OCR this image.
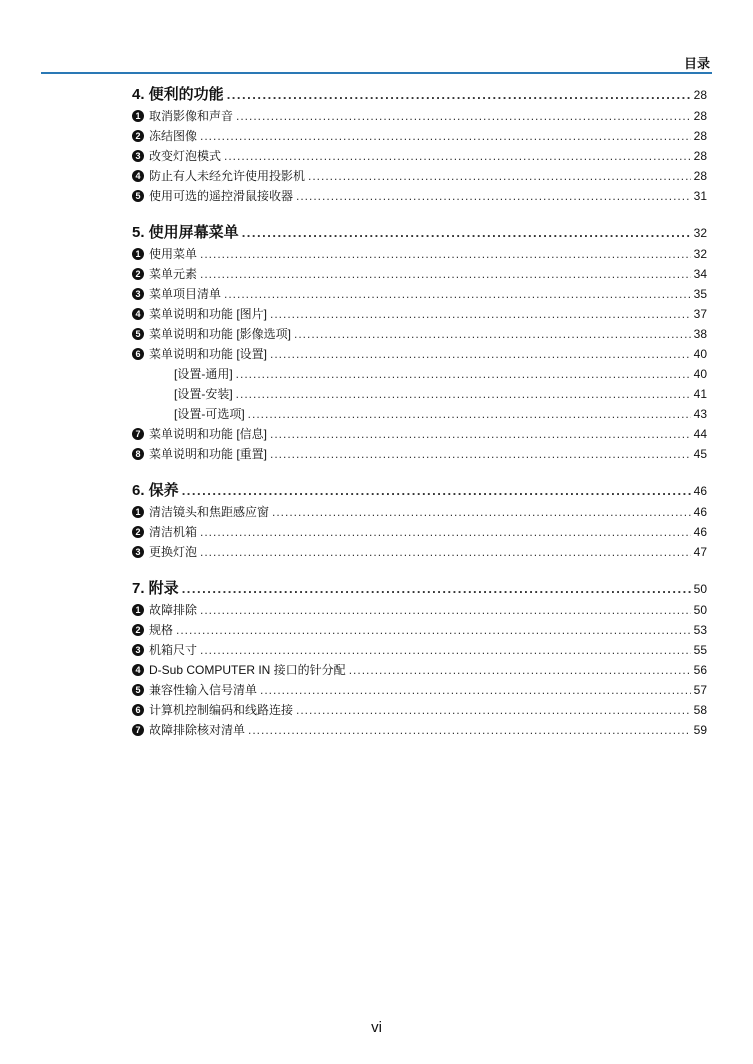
目录
4. 便利的功能 .....	28
1 取消影像和声音 .....	28
2 冻结图像 .....	28
3 改变灯泡模式 .....	28
4 防止有人未经允许使用投影机 .....	28
5 使用可选的遥控滑鼠接收器 .....	31
5. 使用屏幕菜单 .....	32
1 使用菜单 .....	32
2 菜单元素 .....	34
3 菜单项目清单 .....	35
4 菜单说明和功能 [图片] .....	37
5 菜单说明和功能 [影像选项] .....	38
6 菜单说明和功能 [设置] .....	40
[设置-通用] .....	40
[设置-安装] .....	41
[设置-可选项] .....	43
7 菜单说明和功能 [信息] .....	44
8 菜单说明和功能 [重置] .....	45
6. 保养 .....	46
1 清洁镜头和焦距感应窗 .....	46
2 清洁机箱 .....	46
3 更换灯泡 .....	47
7. 附录 .....	50
1 故障排除 .....	50
2 规格 .....	53
3 机箱尺寸 .....	55
4 D-Sub COMPUTER IN 接口的针分配 .....	56
5 兼容性输入信号清单 .....	57
6 计算机控制编码和线路连接 .....	58
7 故障排除核对清单 .....	59
vi
